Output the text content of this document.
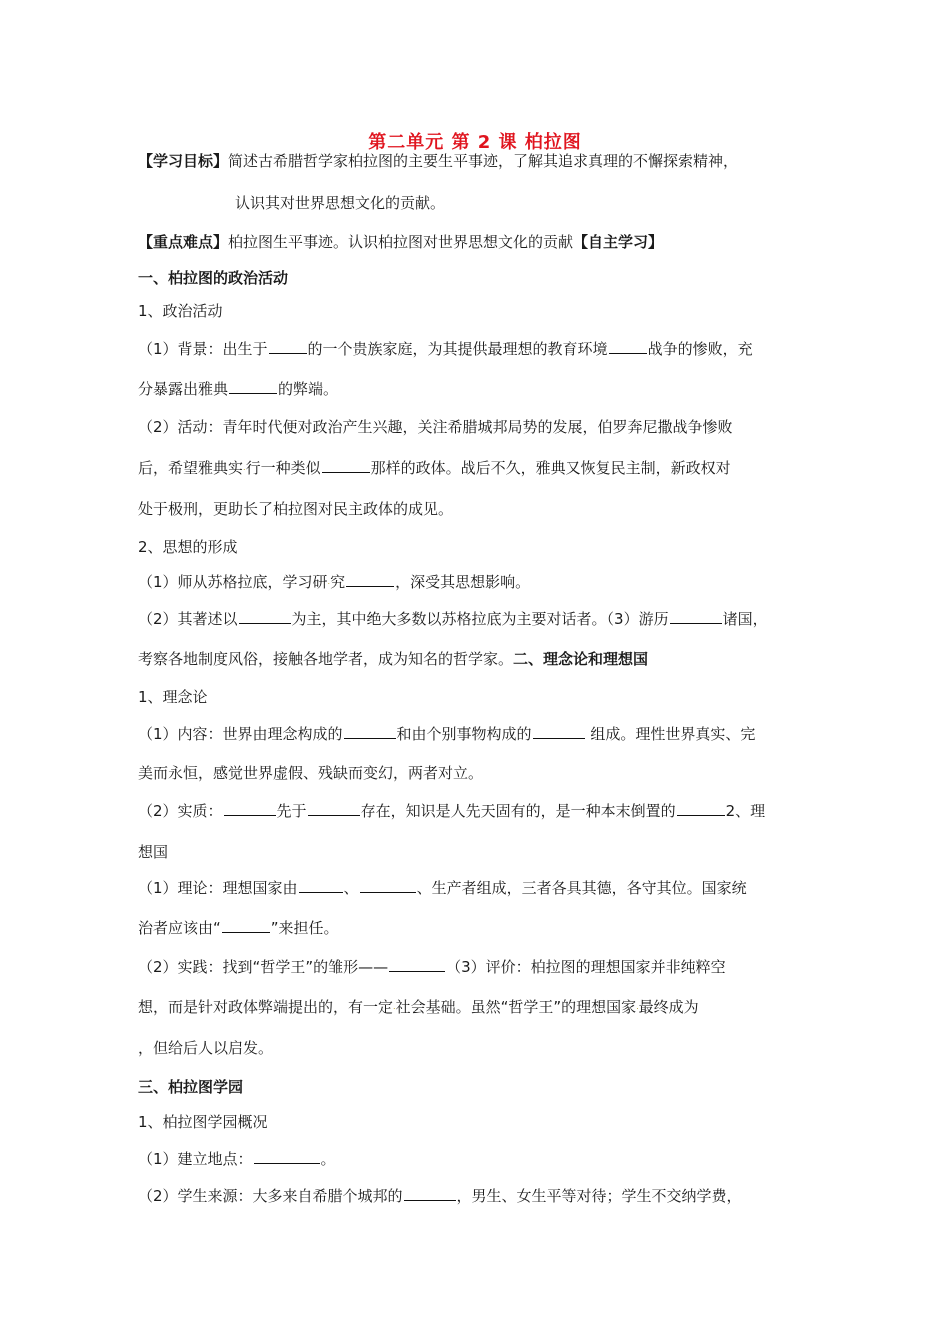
第二单元 第 2 课 柏拉图
【学习目标】简述古希腊哲学家柏拉图的主要生平事迹，了解其追求真理的不懈探索精神，
认识其对世界思想文化的贡献。
【重点难点】柏拉图生平事迹。认识柏拉图对世界思想文化的贡献【自主学习】
一、柏拉图的政治活动
1、政治活动
（1）背景：出生于	的一个贵族家庭，为其提供最理想的教育环境	战争的惨败，充
分暴露出雅典	的弊端。
（2）活动：青年时代便对政治产生兴趣，关注希腊城邦局势的发展，伯罗奔尼撒战争惨败
后，希望雅典实.行一种类似	那样的政体。战后不久，雅典又恢复民主制，新政权对
处于极刑，更助长了柏拉图对民主政体的成见。
2、思想的形成
（1）师从苏格拉底，学习研.究	，深受其思想影响。
（2）其著述以	为主，其中绝大多数以苏格拉底为主要对话者。（3）游历	诸国，
考察各地制度风俗，接触各地学者，成为知名的哲学家。二、理念论和理想国
1、理念论
（1）内容：世界由理念构成的	和由个别事物构成的	组成。理性世界真实、完
美而永恒，感觉世界虚假、残缺而变幻，两者对立。
（2）实质：	先于	存在，知识是人先天固有的，是一种本末倒置的	2、理
想国
（1）理论：理想国家由	、	、生产者组成，三者各具其德，各守其位。国家统
治者应该由“	”来担任。
（2）实践：找到“哲学王”的雏形——	（3）评价：柏拉图的理想国家并非纯粹空
想，而是针对政体弊端提出的，有一定.社会基础。虽然“哲学王”的理想国家.最终成为
，但给后人以启发。
三、柏拉图学园
1、柏拉图学园概况
（1）建立地点：	。
（2）学生来源：大多来自希腊个城邦的	，男生、女生平等对待；学生不交纳学费，
